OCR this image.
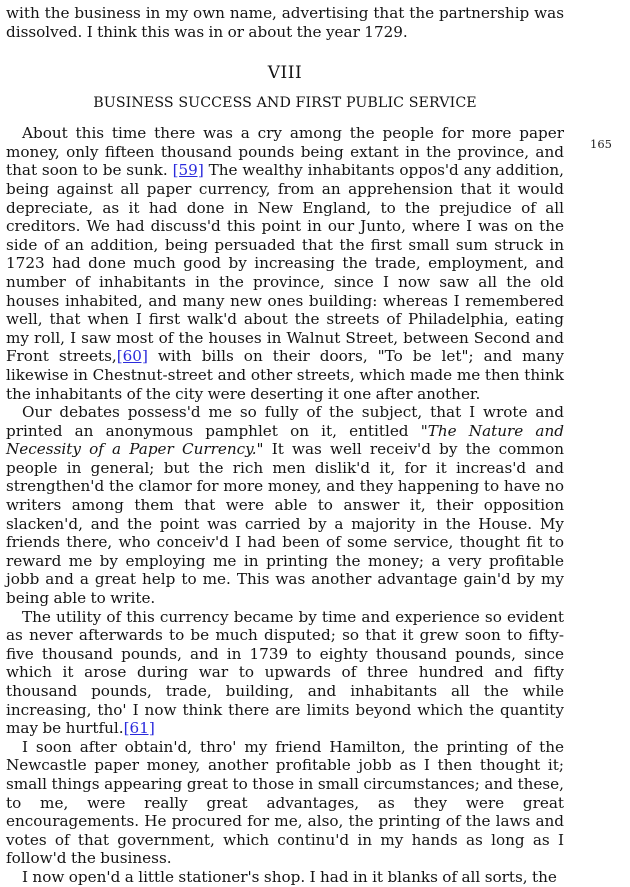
with the business in my own name, advertising that the partnership was dissolved. I think this was in or about the year 1729.

VIII
BUSINESS SUCCESS AND FIRST PUBLIC SERVICE

About this time there was a cry among the people for more paper money, only fifteen thousand pounds being extant in the province, and that soon to be sunk. [59] The wealthy inhabitants oppos'd any addition, being against all paper currency, from an apprehension that it would depreciate, as it had done in New England, to the prejudice of all creditors. We had discuss'd this point in our Junto, where I was on the side of an addition, being persuaded that the first small sum struck in 1723 had done much good by increasing the trade, employment, and number of inhabitants in the province, since I now saw all the old houses inhabited, and many new ones building: whereas I remembered well, that when I first walk'd about the streets of Philadelphia, eating my roll, I saw most of the houses in Walnut Street, between Second and Front streets,[60] with bills on their doors, "To be let"; and many likewise in Chestnut-street and other streets, which made me then think the inhabitants of the city were deserting it one after another.

Our debates possess'd me so fully of the subject, that I wrote and printed an anonymous pamphlet on it, entitled "The Nature and Necessity of a Paper Currency." It was well receiv'd by the common people in general; but the rich men dislik'd it, for it increas'd and strengthen'd the clamor for more money, and they happening to have no writers among them that were able to answer it, their opposition slacken'd, and the point was carried by a majority in the House. My friends there, who conceiv'd I had been of some service, thought fit to reward me by employing me in printing the money; a very profitable jobb and a great help to me. This was another advantage gain'd by my being able to write.

The utility of this currency became by time and experience so evident as never afterwards to be much disputed; so that it grew soon to fifty-five thousand pounds, and in 1739 to eighty thousand pounds, since which it arose during war to upwards of three hundred and fifty thousand pounds, trade, building, and inhabitants all the while increasing, tho' I now think there are limits beyond which the quantity may be hurtful.[61]

I soon after obtain'd, thro' my friend Hamilton, the printing of the Newcastle paper money, another profitable jobb as I then thought it; small things appearing great to those in small circumstances; and these, to me, were really great advantages, as they were great encouragements. He procured for me, also, the printing of the laws and votes of that government, which continu'd in my hands as long as I follow'd the business.

I now open'd a little stationer's shop. I had in it blanks of all sorts, the

165
